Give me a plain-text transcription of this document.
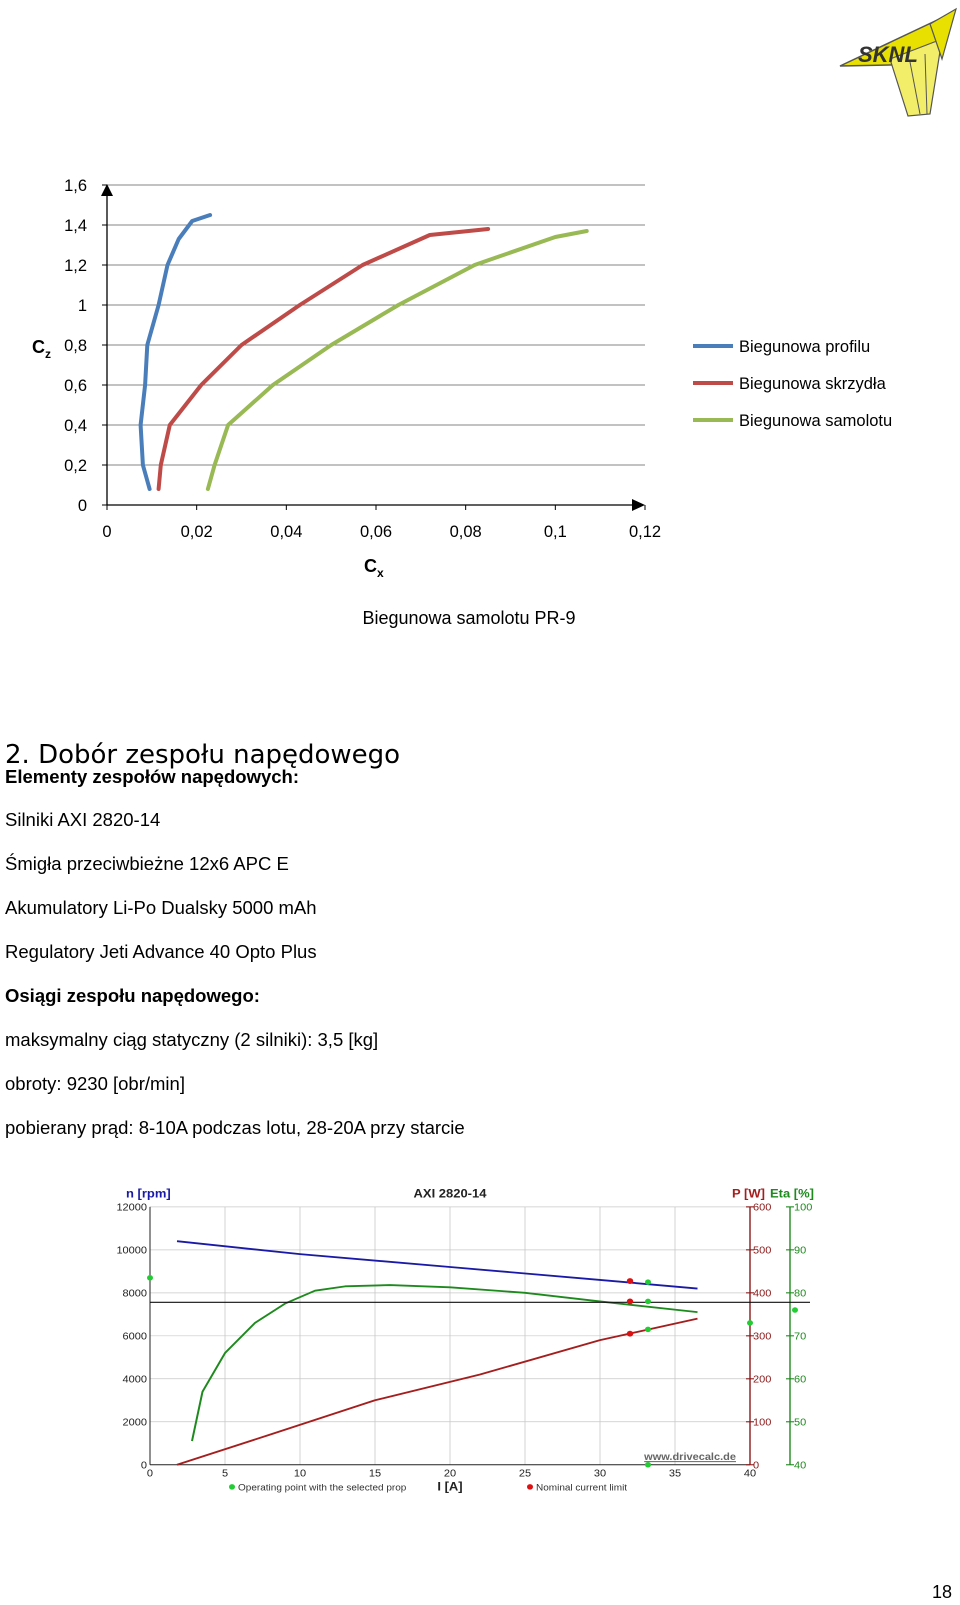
SKNL
0
0,2
0,4
0,6
0,8
1
1,2
1,4
1,6
0	0,02	0,04	0,06	0,08	0,1	0,12
$C_z$
$C_x$
Biegunowa samolotu PR-9
Biegunowa profilu
Biegunowa skrzydła
Biegunowa samolotu
2. Dobór zespołu napędowego

Elementy zespołów napędowych:

Silniki AXI 2820-14

Śmigła przeciwbieżne 12x6 APC E

Akumulatory Li-Po Dualsky 5000 mAh

Regulatory Jeti Advance 40 Opto Plus

Osiągi zespołu napędowego:

maksymalny ciąg statyczny (2 silniki): 3,5 [kg]

obroty: 9230 [obr/min]

pobierany prąd: 8-10A podczas lotu, 28-20A przy starcie

0	5	10	15	20	25	30	35	40
0
2000
4000
6000
8000
10000
12000
0
100
200
300
400
500
600
40
50
60
70
80
90
100
n [rpm]	AXI 2820-14	P [W] Eta [%]
I [A]
www.drivecalc.de
Operating point with the selected prop	Nominal current limit
18
